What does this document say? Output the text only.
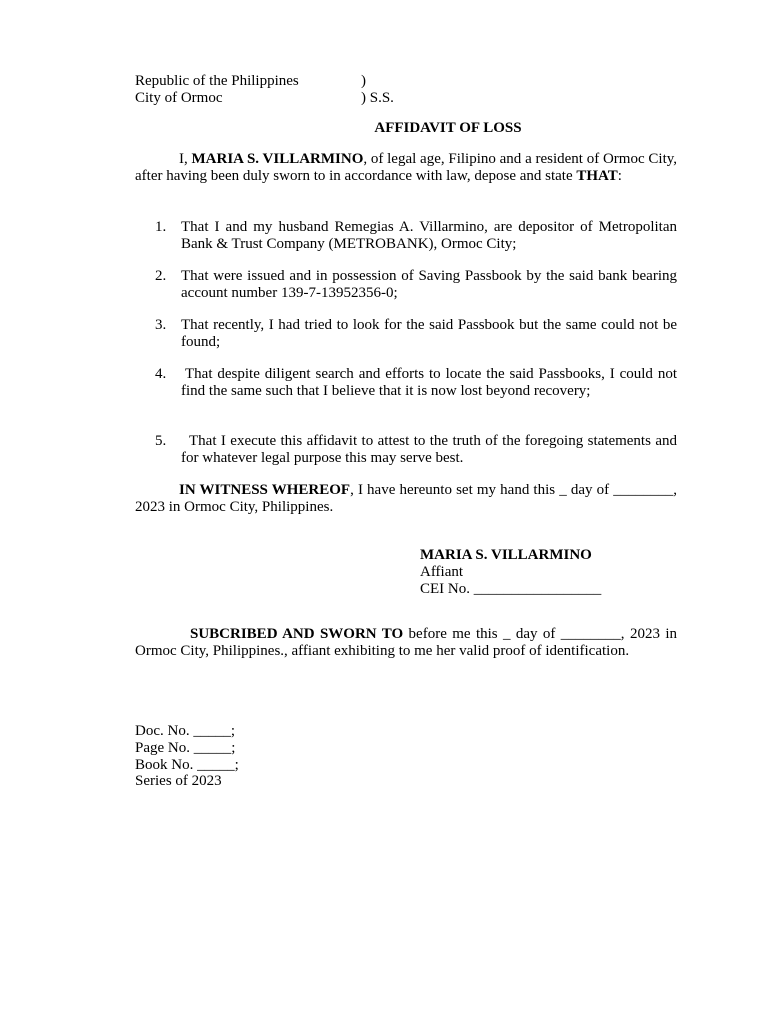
Republic of the Philippines	)
City of Ormoc	) S.S.
AFFIDAVIT OF LOSS
I, MARIA S. VILLARMINO, of legal age, Filipino and a resident of Ormoc City, after having been duly sworn to in accordance with law, depose and state THAT:
1. That I and my husband Remegias A. Villarmino, are depositor of Metropolitan Bank & Trust Company (METROBANK), Ormoc City;
2. That were issued and in possession of Saving Passbook by the said bank bearing account number 139-7-13952356-0;
3. That recently, I had tried to look for the said Passbook but the same could not be found;
4. That despite diligent search and efforts to locate the said Passbooks, I could not find the same such that I believe that it is now lost beyond recovery;
5.	That I execute this affidavit to attest to the truth of the foregoing statements and for whatever legal purpose this may serve best.
IN WITNESS WHEREOF, I have hereunto set my hand this _ day of ________, 2023 in Ormoc City, Philippines.
MARIA S. VILLARMINO
Affiant
CEI No. _________________
SUBCRIBED AND SWORN TO before me this _ day of ________, 2023 in Ormoc City, Philippines., affiant exhibiting to me her valid proof of identification.
Doc. No. _____;
Page No. _____;
Book No. _____;
Series of 2023
